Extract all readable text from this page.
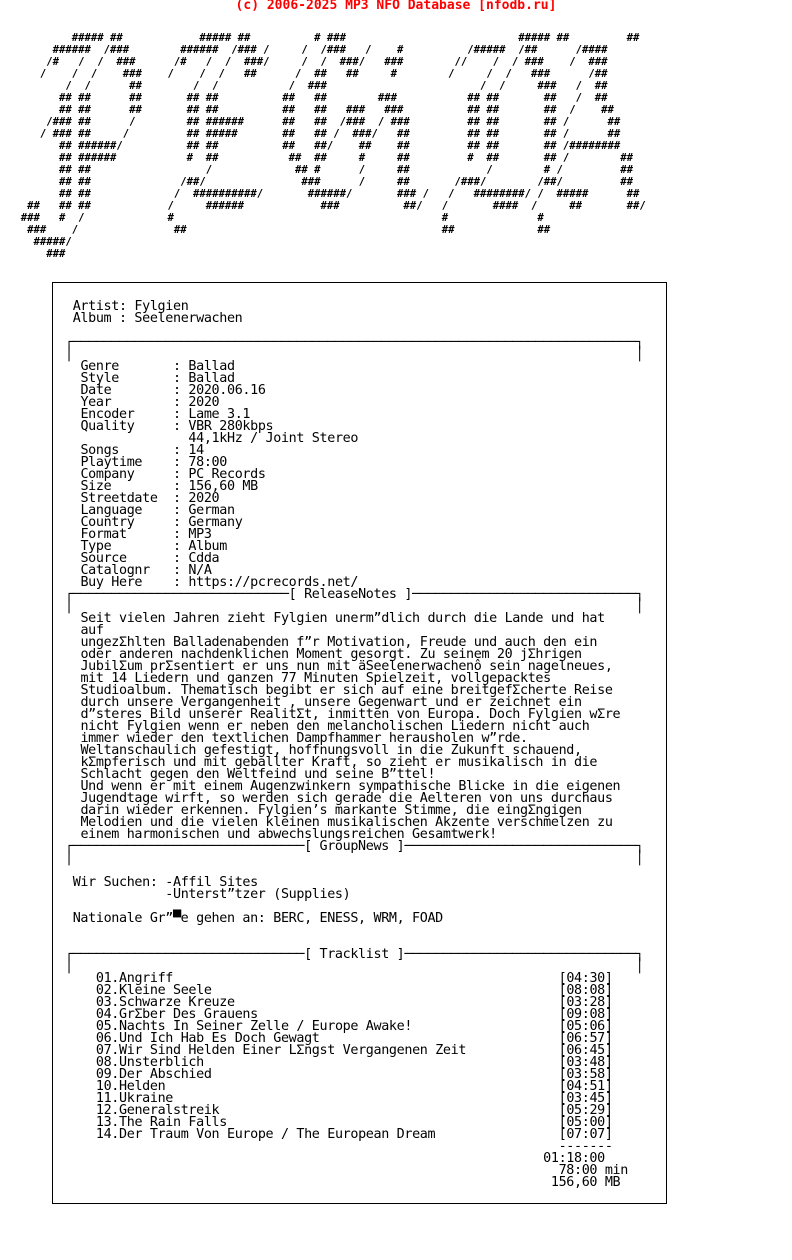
(c) 2006-2025 MP3 NFO Database [nfodb.ru]
##### ##            ##### ##          # ###                           ##### ##         ##
######  /###        ######  /### /     /  /###   /    #          /#####  /##      /####
/#   /  /  ###      /#   /  /  ###/     /  /  ###/   ###        //    /  / ###    /  ###
/    /  /    ###    /    /  /   ##      /  ##   ##     #        /     /  /   ###      /##
/  /      ##        /  /           /  ###                        /  /     ###   /  ##
## ##      ##       ## ##          ##   ##        ###           ## ##       ##   /  ##
## ##      ##       ## ##          ##   ##   ###   ###          ## ##       ##  /    ##
/### ##      /        ## ######      ##   ##  /###  / ###         ## ##       ## /      ##
/ ### ##     /         ## #####       ##   ## /  ###/   ##         ## ##       ## /      ##
## ######/          ## ##          ##   ##/    ##    ##         ## ##       ## /########
## ######           #  ##           ##  ##     #     ##         #  ##       ## /        ##
## ##                  /             ## #      /     ##            /        # /         ##
## ##              /##/               ###      /     ##       /###/        /##/         ##
## ##             /  ##########/       ######/       ### /   /   ########/ /  #####      ##
##   ## ##            /     ######            ###          ##/   /       ####  /     ##       ##/
###   #  /             #                                          #              #
###    /               ##                                        ##             ##
#####/
###
Artist: Fylgien
Album : Seelenerwachen

┌─────────────────────────────────────────────────────────────────────────┐
│                                                                         │
Genre       : Ballad
Style       : Ballad
Date        : 2020.06.16
Year        : 2020
Encoder     : Lame 3.1
Quality     : VBR 280kbps
44,1kHz / Joint Stereo
Songs       : 14
Playtime    : 78:00
Company     : PC Records
Size        : 156,60 MB
Streetdate  : 2020
Language    : German
Country     : Germany
Format      : MP3
Type        : Album
Source      : Cdda
Catalognr   : N/A
Buy Here    : https://pcrecords.net/
┌────────────────────────────[ ReleaseNotes ]─────────────────────────────┐
│                                                                         │
Seit vielen Jahren zieht Fylgien unerm”dlich durch die Lande und hat
auf
ungezΣhlten Balladenabenden f”r Motivation, Freude und auch den ein
oder anderen nachdenklichen Moment gesorgt. Zu seinem 20 jΣhrigen
JubilΣum prΣsentiert er uns nun mit äSeelenerwachenô sein nagelneues,
mit 14 Liedern und ganzen 77 Minuten Spielzeit, vollgepacktes
Studioalbum. Thematisch begibt er sich auf eine breitgefΣcherte Reise
durch unsere Vergangenheit , unsere Gegenwart und er zeichnet ein
d”steres Bild unserer RealitΣt, inmitten von Europa. Doch Fylgien wΣre
nicht Fylgien wenn er neben den melancholischen Liedern nicht auch
immer wieder den textlichen Dampfhammer herausholen w”rde.
Weltanschaulich gefestigt, hoffnungsvoll in die Zukunft schauend,
kΣmpferisch und mit geballter Kraft, so zieht er musikalisch in die
Schlacht gegen den Weltfeind und seine B”ttel!
Und wenn er mit einem Augenzwinkern sympathische Blicke in die eigenen
Jugendtage wirft, so werden sich gerade die Aelteren von uns durchaus
darin wieder erkennen. Fylgien’s markante Stimme, die eingΣngigen
Melodien und die vielen kleinen musikalischen Akzente verschmelzen zu
einem harmonischen und abwechslungsreichen Gesamtwerk!
┌──────────────────────────────[ GroupNews ]──────────────────────────────┐
│                                                                         │

Wir Suchen: -Affil Sites
-Unterst”tzer (Supplies)

Nationale Gr”▀e gehen an: BERC, ENESS, WRM, FOAD

┌──────────────────────────────[ Tracklist ]──────────────────────────────┐
│                                                                         │
01.Angriff                                                  [04:30]
02.Kleine Seele                                             [08:08]
03.Schwarze Kreuze                                          [03:28]
04.GrΣber Des Grauens                                       [09:08]
05.Nachts In Seiner Zelle / Europe Awake!                   [05:06]
06.Und Ich Hab Es Doch Gewagt                               [06:57]
07.Wir Sind Helden Einer LΣngst Vergangenen Zeit            [06:45]
08.Unsterblich                                              [03:48]
09.Der Abschied                                             [03:58]
10.Helden                                                   [04:51]
11.Ukraine                                                  [03:45]
12.Generalstreik                                            [05:29]
13.The Rain Falls                                           [05:00]
14.Der Traum Von Europe / The European Dream                [07:07]
-------
01:18:00
78:00 min
156,60 MB
